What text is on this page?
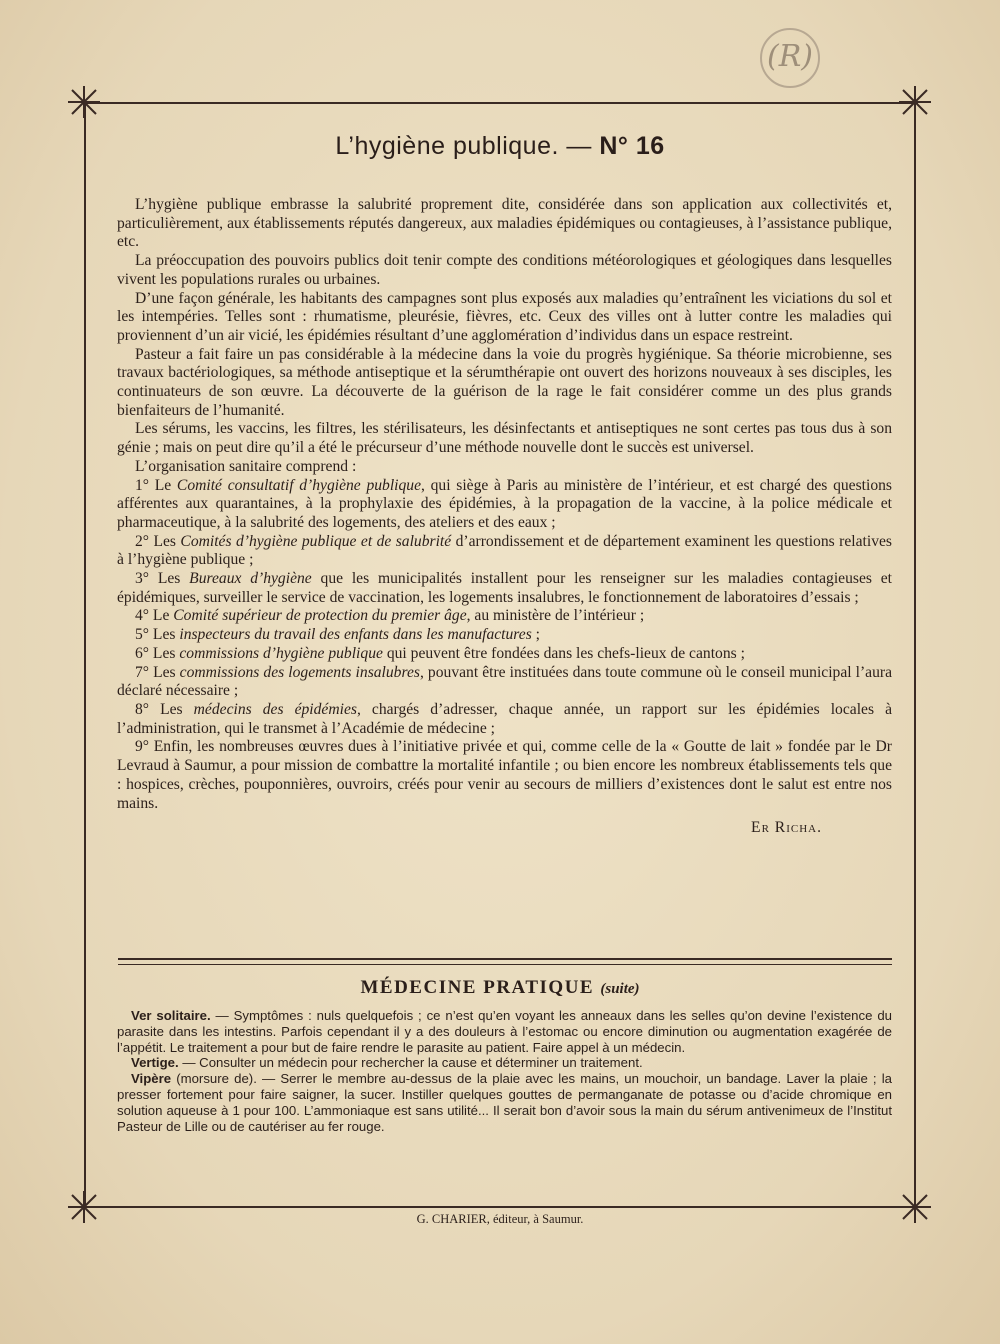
(R)
L’hygiène publique. — N° 16

L’hygiène publique embrasse la salubrité proprement dite, considérée dans son application aux collectivités et, particulièrement, aux établissements réputés dangereux, aux maladies épidémiques ou contagieuses, à l’assistance publique, etc.

La préoccupation des pouvoirs publics doit tenir compte des conditions météorologiques et géologiques dans lesquelles vivent les populations rurales ou urbaines.

D’une façon générale, les habitants des campagnes sont plus exposés aux maladies qu’entraînent les viciations du sol et les intempéries. Telles sont : rhumatisme, pleurésie, fièvres, etc. Ceux des villes ont à lutter contre les maladies qui proviennent d’un air vicié, les épidémies résultant d’une agglomération d’individus dans un espace restreint.

Pasteur a fait faire un pas considérable à la médecine dans la voie du progrès hygiénique. Sa théorie microbienne, ses travaux bactériologiques, sa méthode antiseptique et la sérumthérapie ont ouvert des horizons nouveaux à ses disciples, les continuateurs de son œuvre. La découverte de la guérison de la rage le fait considérer comme un des plus grands bienfaiteurs de l’humanité.

Les sérums, les vaccins, les filtres, les stérilisateurs, les désinfectants et antiseptiques ne sont certes pas tous dus à son génie ; mais on peut dire qu’il a été le précurseur d’une méthode nouvelle dont le succès est universel.

L’organisation sanitaire comprend :

1° Le Comité consultatif d’hygiène publique, qui siège à Paris au ministère de l’intérieur, et est chargé des questions afférentes aux quarantaines, à la prophylaxie des épidémies, à la propagation de la vaccine, à la police médicale et pharmaceutique, à la salubrité des logements, des ateliers et des eaux ;

2° Les Comités d’hygiène publique et de salubrité d’arrondissement et de département examinent les questions relatives à l’hygiène publique ;

3° Les Bureaux d’hygiène que les municipalités installent pour les renseigner sur les maladies contagieuses et épidémiques, surveiller le service de vaccination, les logements insalubres, le fonctionnement de laboratoires d’essais ;

4° Le Comité supérieur de protection du premier âge, au ministère de l’intérieur ;

5° Les inspecteurs du travail des enfants dans les manufactures ;

6° Les commissions d’hygiène publique qui peuvent être fondées dans les chefs-lieux de cantons ;

7° Les commissions des logements insalubres, pouvant être instituées dans toute commune où le conseil municipal l’aura déclaré nécessaire ;

8° Les médecins des épidémies, chargés d’adresser, chaque année, un rapport sur les épidémies locales à l’administration, qui le transmet à l’Académie de médecine ;

9° Enfin, les nombreuses œuvres dues à l’initiative privée et qui, comme celle de la « Goutte de lait » fondée par le Dr Levraud à Saumur, a pour mission de combattre la mortalité infantile ; ou bien encore les nombreux établissements tels que : hospices, crèches, pouponnières, ouvroirs, créés pour venir au secours de milliers d’existences dont le salut est entre nos mains.

Er Richa.
MÉDECINE PRATIQUE (suite)

Ver solitaire. — Symptômes : nuls quelquefois ; ce n’est qu’en voyant les anneaux dans les selles qu’on devine l’existence du parasite dans les intestins. Parfois cependant il y a des douleurs à l’estomac ou encore diminution ou augmentation exagérée de l’appétit. Le traitement a pour but de faire rendre le parasite au patient. Faire appel à un médecin.

Vertige. — Consulter un médecin pour rechercher la cause et déterminer un traitement.

Vipère (morsure de). — Serrer le membre au-dessus de la plaie avec les mains, un mouchoir, un bandage. Laver la plaie ; la presser fortement pour faire saigner, la sucer. Instiller quelques gouttes de permanganate de potasse ou d’acide chromique en solution aqueuse à 1 pour 100. L’ammoniaque est sans utilité... Il serait bon d’avoir sous la main du sérum antivenimeux de l’Institut Pasteur de Lille ou de cautériser au fer rouge.

G. CHARIER, éditeur, à Saumur.
